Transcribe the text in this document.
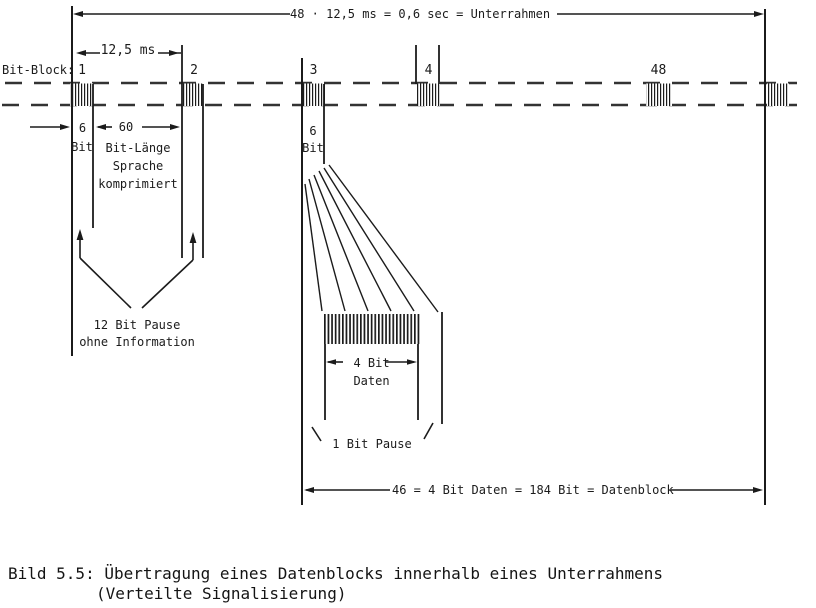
48 · 12,5 ms = 0,6 sec = Unterrahmen
12,5 ms
Bit-Block: 1	2	3	4	48
6
Bit
60
Bit-Länge
Sprache
komprimiert
6
Bit
12 Bit Pause
ohne Information
4 Bit
Daten
1 Bit Pause
46 = 4 Bit Daten = 184 Bit = Datenblock
Bild 5.5: Übertragung eines Datenblocks innerhalb eines Unterrahmens
(Verteilte Signalisierung)
